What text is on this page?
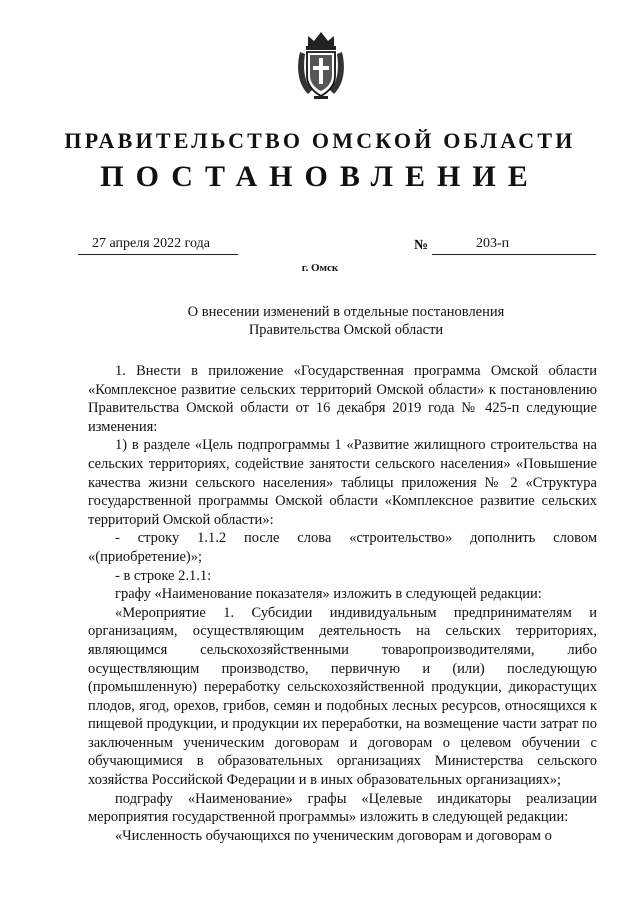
ПРАВИТЕЛЬСТВО ОМСКОЙ ОБЛАСТИ
ПОСТАНОВЛЕНИЕ
27 апреля 2022 года	№	203-п
г. Омск
О внесении изменений в отдельные постановления
Правительства Омской области

1. Внести в приложение «Государственная программа Омской области «Комплексное развитие сельских территорий Омской области» к постановлению Правительства Омской области от 16 декабря 2019 года № 425-п следующие изменения:

1) в разделе «Цель подпрограммы 1 «Развитие жилищного строительства на сельских территориях, содействие занятости сельского населения» «Повышение качества жизни сельского населения» таблицы приложения № 2 «Структура государственной программы Омской области «Комплексное развитие сельских территорий Омской области»:

- строку 1.1.2 после слова «строительство» дополнить словом «(приобретение)»;

- в строке 2.1.1:

графу «Наименование показателя» изложить в следующей редакции:

«Мероприятие 1. Субсидии индивидуальным предпринимателям и организациям, осуществляющим деятельность на сельских территориях, являющимся сельскохозяйственными товаропроизводителями, либо осуществляющим производство, первичную и (или) последующую (промышленную) переработку сельскохозяйственной продукции, дикорастущих плодов, ягод, орехов, грибов, семян и подобных лесных ресурсов, относящихся к пищевой продукции, и продукции их переработки, на возмещение части затрат по заключенным ученическим договорам и договорам о целевом обучении с обучающимися в образовательных организациях Министерства сельского хозяйства Российской Федерации и в иных образовательных организациях»;

подграфу «Наименование» графы «Целевые индикаторы реализации мероприятия государственной программы» изложить в следующей редакции:

«Численность обучающихся по ученическим договорам и договорам о
